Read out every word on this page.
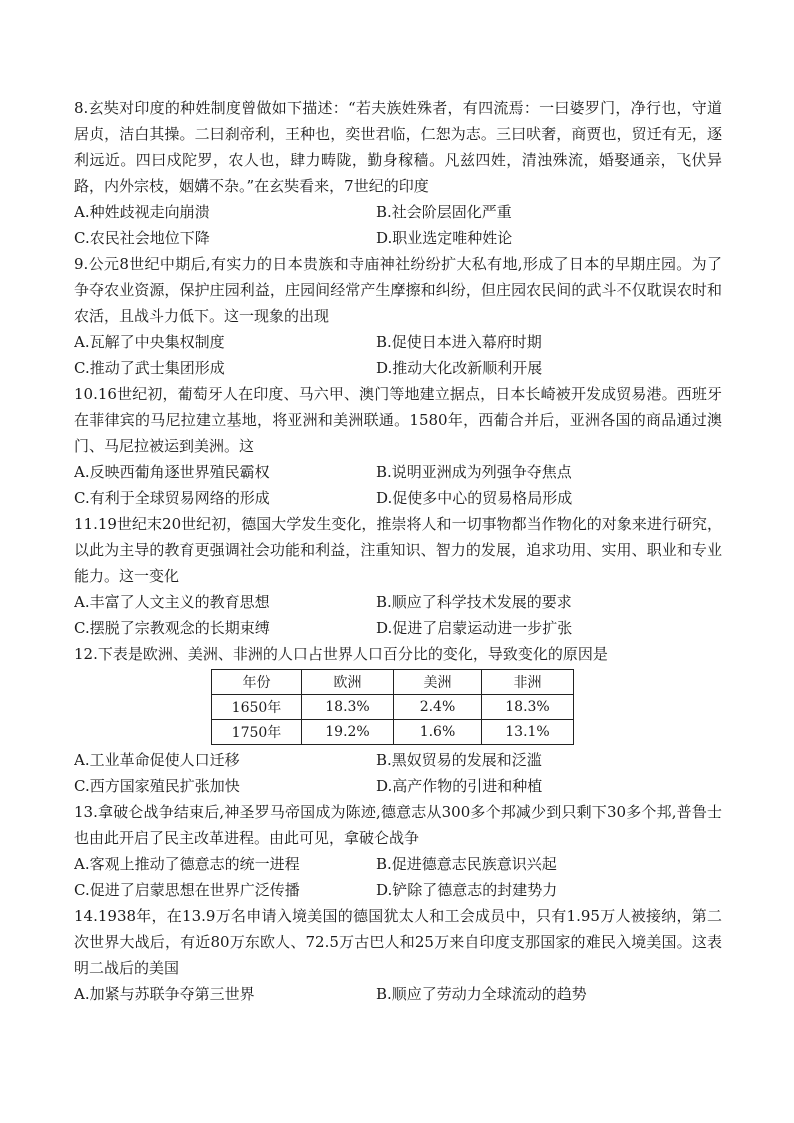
8.玄奘对印度的种姓制度曾做如下描述：“若夫族姓殊者，有四流焉：一曰婆罗门，净行也，守道居贞，洁白其操。二曰刹帝利，王种也，奕世君临，仁恕为志。三曰吠奢，商贾也，贸迁有无，逐利远近。四曰戍陀罗，农人也，肆力畴陇，勤身稼穑。凡兹四姓，清浊殊流，婚娶通亲，飞伏异路，内外宗枝，姻媾不杂。”在玄奘看来，7世纪的印度

A.种姓歧视走向崩溃	B.社会阶层固化严重
C.农民社会地位下降	D.职业选定唯种姓论

9.公元8世纪中期后,有实力的日本贵族和寺庙神社纷纷扩大私有地,形成了日本的早期庄园。为了争夺农业资源，保护庄园利益，庄园间经常产生摩擦和纠纷，但庄园农民间的武斗不仅耽误农时和农活，且战斗力低下。这一现象的出现

A.瓦解了中央集权制度	B.促使日本进入幕府时期
C.推动了武士集团形成	D.推动大化改新顺利开展

10.16世纪初，葡萄牙人在印度、马六甲、澳门等地建立据点，日本长崎被开发成贸易港。西班牙在菲律宾的马尼拉建立基地，将亚洲和美洲联通。1580年，西葡合并后，亚洲各国的商品通过澳门、马尼拉被运到美洲。这

A.反映西葡角逐世界殖民霸权	B.说明亚洲成为列强争夺焦点
C.有利于全球贸易网络的形成	D.促使多中心的贸易格局形成

11.19世纪末20世纪初，德国大学发生变化，推崇将人和一切事物都当作物化的对象来进行研究，以此为主导的教育更强调社会功能和利益，注重知识、智力的发展，追求功用、实用、职业和专业能力。这一变化

A.丰富了人文主义的教育思想	B.顺应了科学技术发展的要求
C.摆脱了宗教观念的长期束缚	D.促进了启蒙运动进一步扩张

12.下表是欧洲、美洲、非洲的人口占世界人口百分比的变化，导致变化的原因是

年份	欧洲	美洲	非洲
1650年	18.3%	2.4%	18.3%
1750年	19.2%	1.6%	13.1%
A.工业革命促使人口迁移	B.黑奴贸易的发展和泛滥
C.西方国家殖民扩张加快	D.高产作物的引进和种植

13.拿破仑战争结束后,神圣罗马帝国成为陈迹,德意志从300多个邦减少到只剩下30多个邦,普鲁士也由此开启了民主改革进程。由此可见，拿破仑战争

A.客观上推动了德意志的统一进程	B.促进德意志民族意识兴起
C.促进了启蒙思想在世界广泛传播	D.铲除了德意志的封建势力

14.1938年，在13.9万名申请入境美国的德国犹太人和工会成员中，只有1.95万人被接纳，第二次世界大战后，有近80万东欧人、72.5万古巴人和25万来自印度支那国家的难民入境美国。这表明二战后的美国

A.加紧与苏联争夺第三世界	B.顺应了劳动力全球流动的趋势
